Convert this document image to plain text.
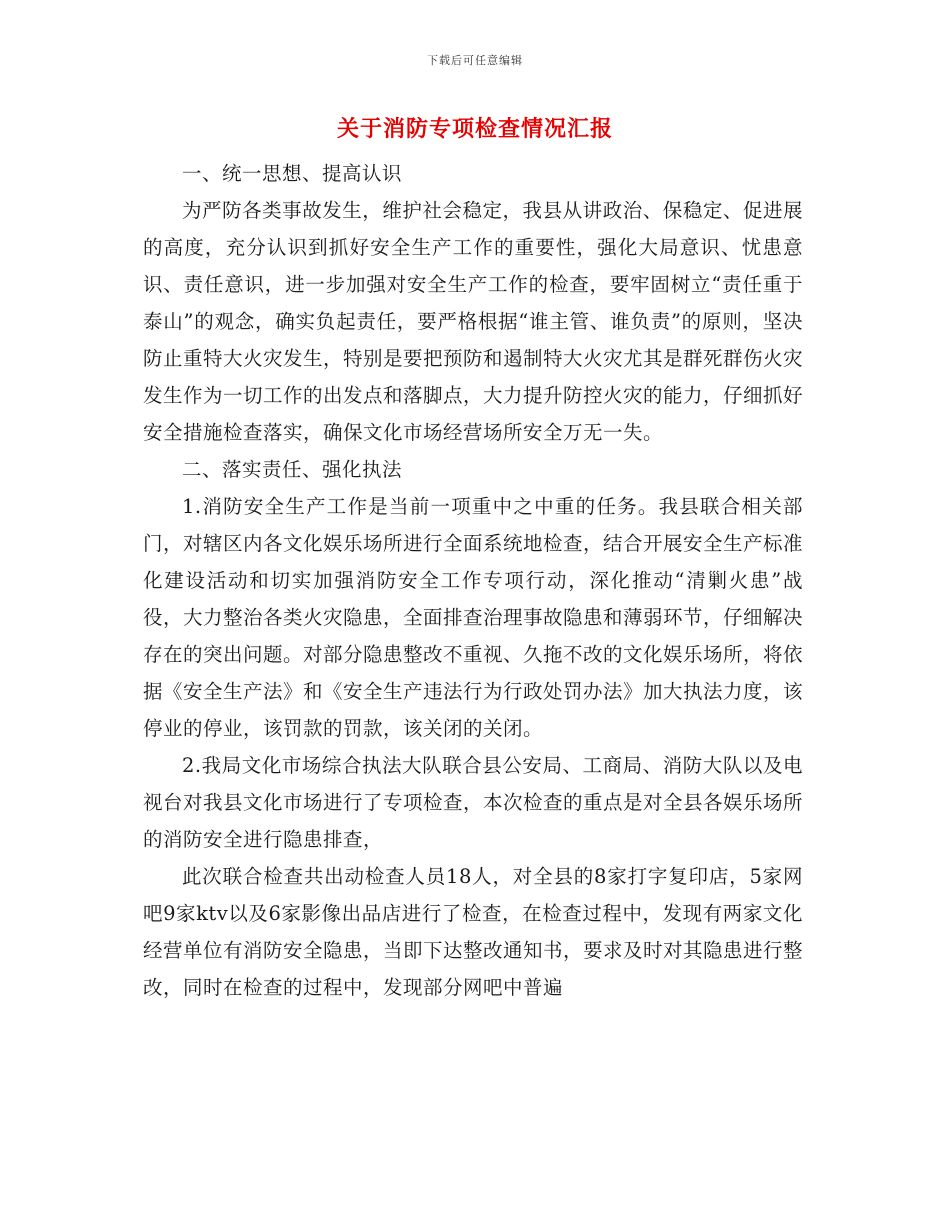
下载后可任意编辑
关于消防专项检查情况汇报

一、统一思想、提高认识

为严防各类事故发生，维护社会稳定，我县从讲政治、保稳定、促进展的高度，充分认识到抓好安全生产工作的重要性，强化大局意识、忧患意识、责任意识，进一步加强对安全生产工作的检查，要牢固树立“责任重于泰山”的观念，确实负起责任，要严格根据“谁主管、谁负责”的原则，坚决防止重特大火灾发生，特别是要把预防和遏制特大火灾尤其是群死群伤火灾发生作为一切工作的出发点和落脚点，大力提升防控火灾的能力，仔细抓好安全措施检查落实，确保文化市场经营场所安全万无一失。

二、落实责任、强化执法

1.消防安全生产工作是当前一项重中之中重的任务。我县联合相关部门，对辖区内各文化娱乐场所进行全面系统地检查，结合开展安全生产标准化建设活动和切实加强消防安全工作专项行动，深化推动“清剿火患”战役，大力整治各类火灾隐患，全面排查治理事故隐患和薄弱环节，仔细解决存在的突出问题。对部分隐患整改不重视、久拖不改的文化娱乐场所，将依据《安全生产法》和《安全生产违法行为行政处罚办法》加大执法力度，该停业的停业，该罚款的罚款，该关闭的关闭。

2.我局文化市场综合执法大队联合县公安局、工商局、消防大队以及电视台对我县文化市场进行了专项检查，本次检查的重点是对全县各娱乐场所的消防安全进行隐患排查，

此次联合检查共出动检查人员18人，对全县的8家打字复印店，5家网吧9家ktv以及6家影像出品店进行了检查，在检查过程中，发现有两家文化经营单位有消防安全隐患，当即下达整改通知书，要求及时对其隐患进行整改，同时在检查的过程中，发现部分网吧中普遍
